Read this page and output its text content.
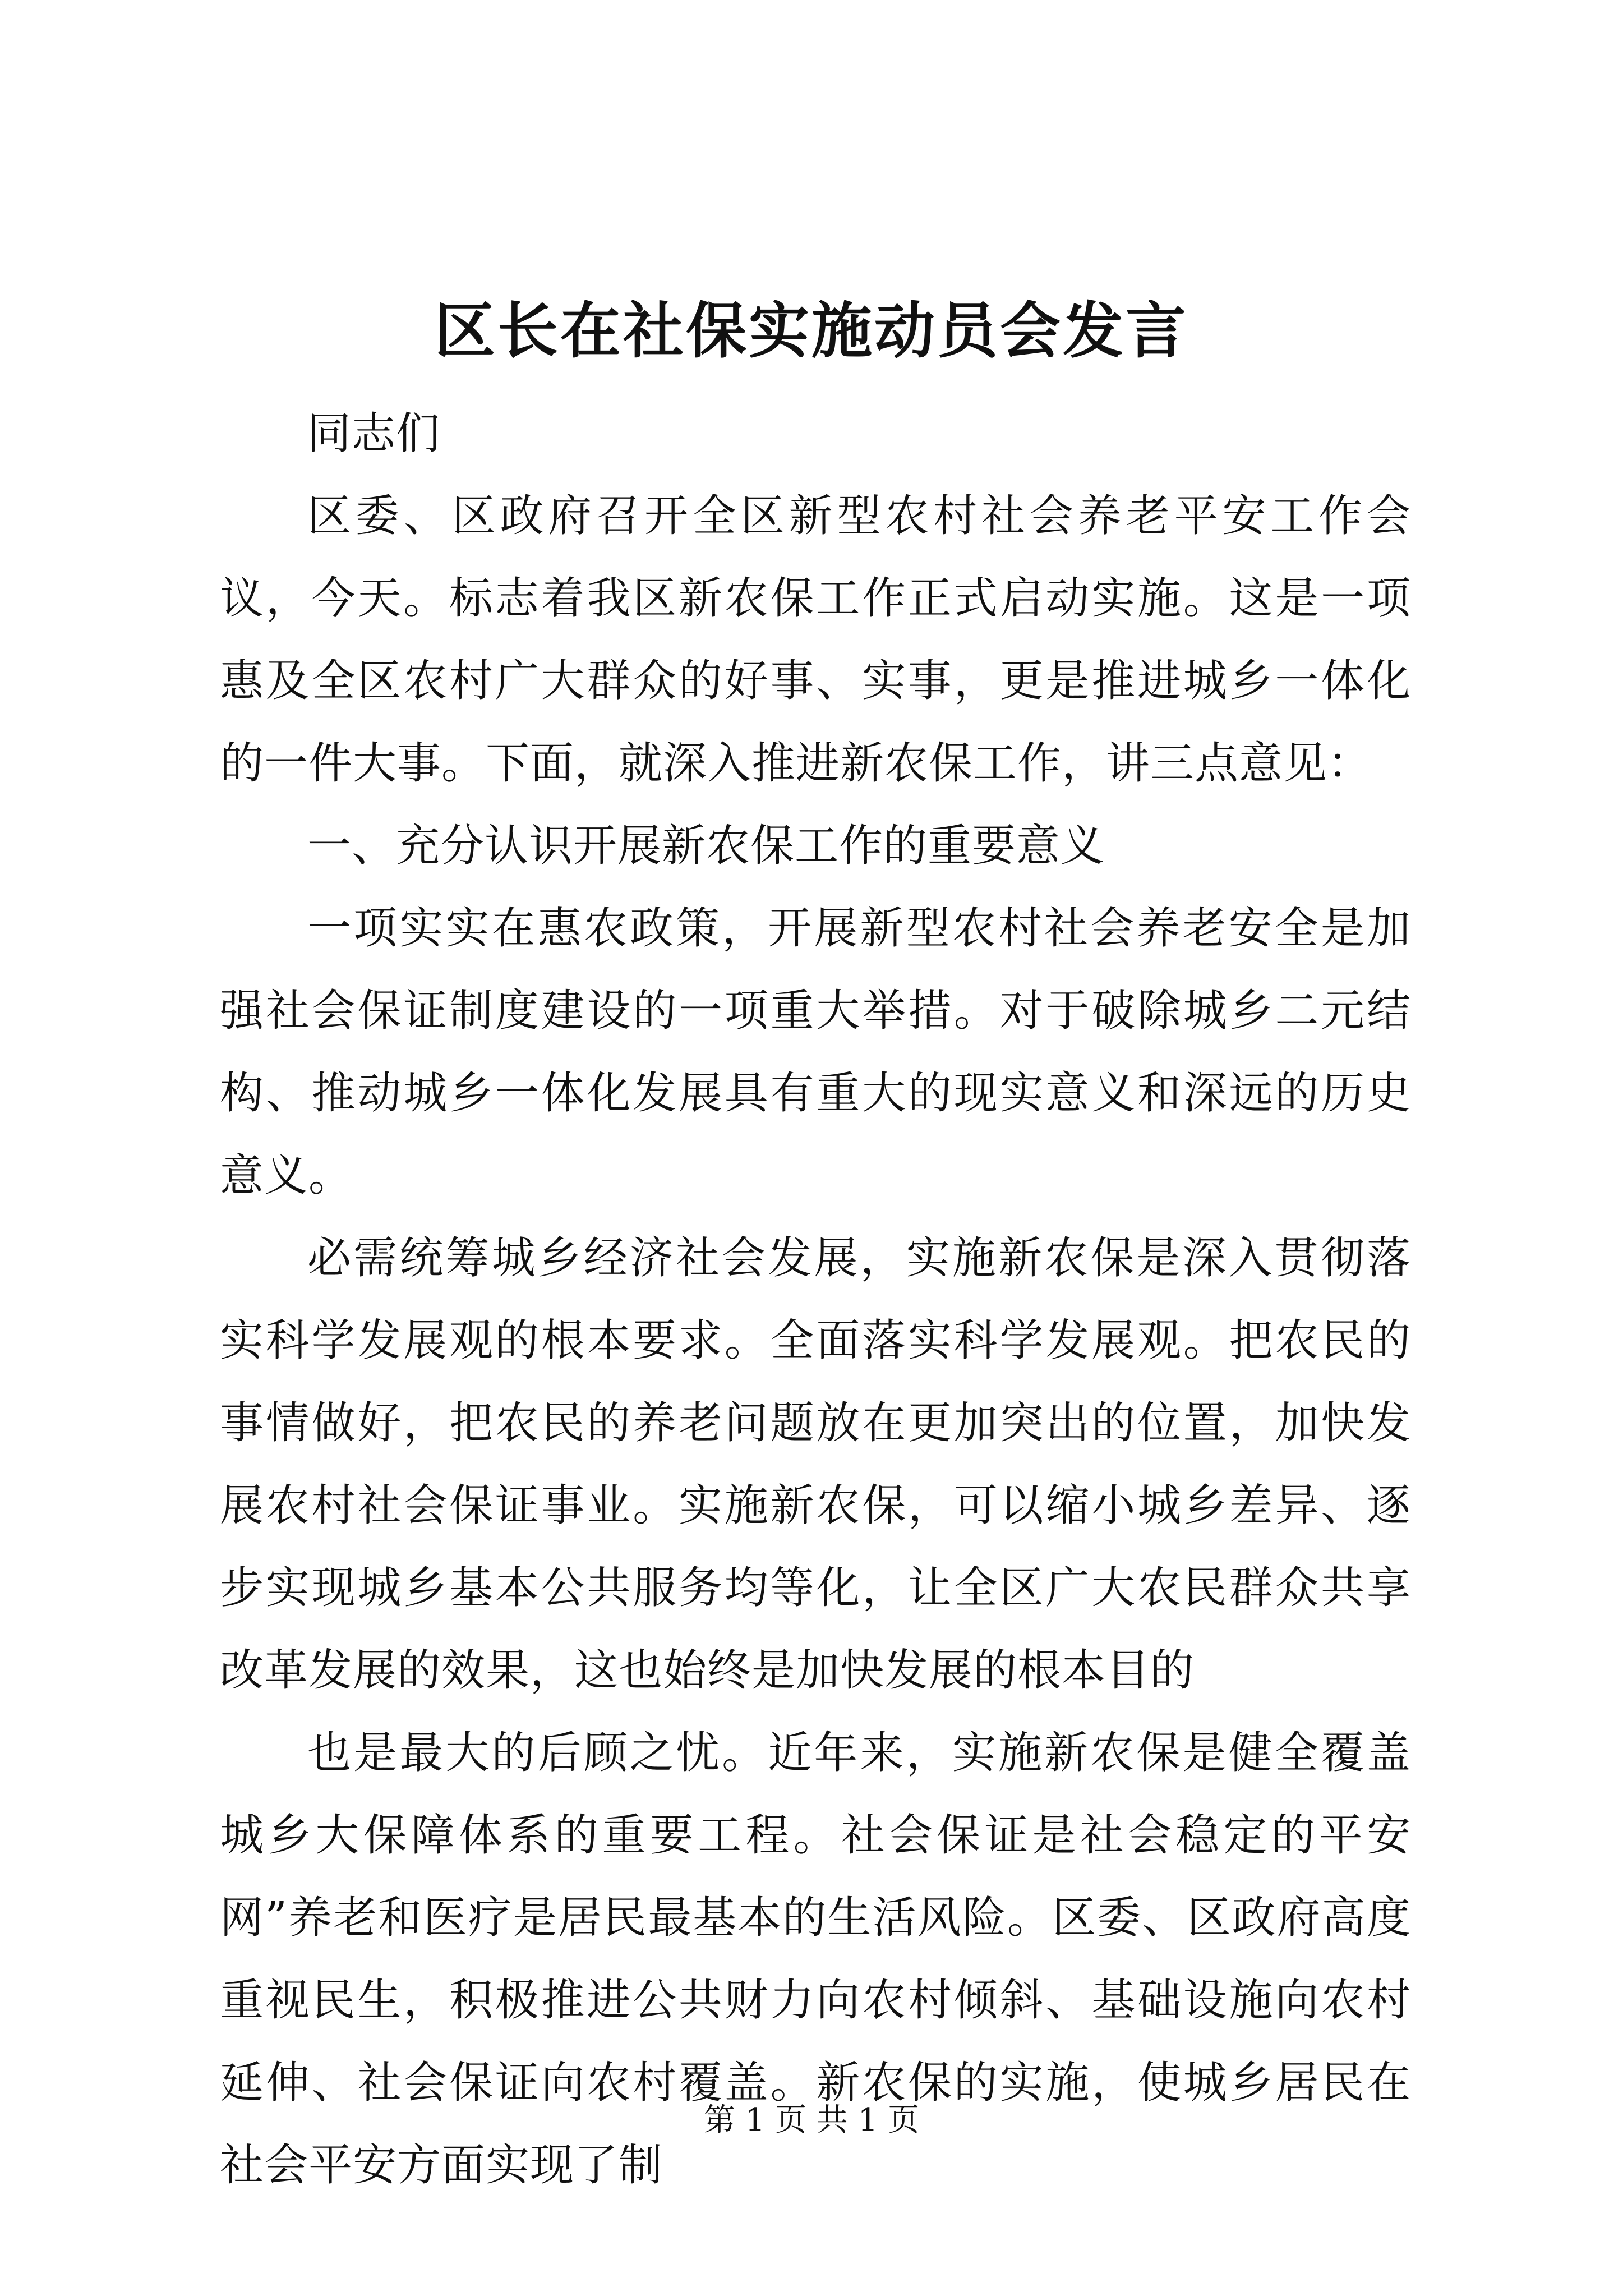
区长在社保实施动员会发言

同志们

区委、区政府召开全区新型农村社会养老平安工作会议，今天。标志着我区新农保工作正式启动实施。这是一项惠及全区农村广大群众的好事、实事，更是推进城乡一体化的一件大事。下面，就深入推进新农保工作，讲三点意见：

一、充分认识开展新农保工作的重要意义

一项实实在惠农政策，开展新型农村社会养老安全是加强社会保证制度建设的一项重大举措。对于破除城乡二元结构、推动城乡一体化发展具有重大的现实意义和深远的历史意义。

必需统筹城乡经济社会发展，实施新农保是深入贯彻落实科学发展观的根本要求。全面落实科学发展观。把农民的事情做好，把农民的养老问题放在更加突出的位置，加快发展农村社会保证事业。实施新农保，可以缩小城乡差异、逐步实现城乡基本公共服务均等化，让全区广大农民群众共享改革发展的效果，这也始终是加快发展的根本目的

也是最大的后顾之忧。近年来，实施新农保是健全覆盖城乡大保障体系的重要工程。社会保证是社会稳定的平安网”养老和医疗是居民最基本的生活风险。区委、区政府高度重视民生，积极推进公共财力向农村倾斜、基础设施向农村延伸、社会保证向农村覆盖。新农保的实施，使城乡居民在社会平安方面实现了制

第 1 页 共 1 页
